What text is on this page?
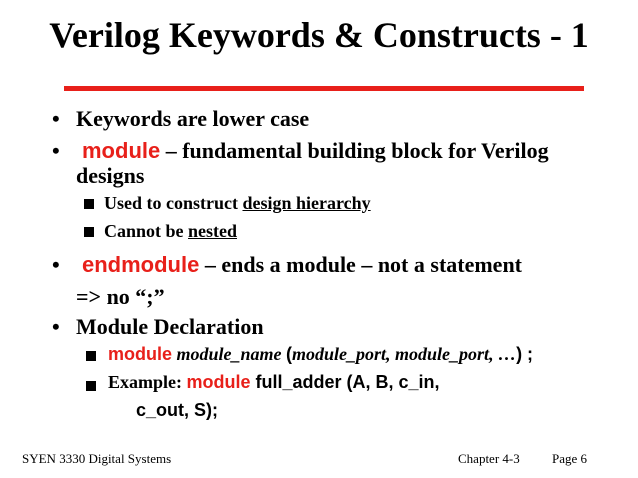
Verilog Keywords & Constructs - 1
• Keywords are lower case
• module – fundamental building block for Verilog
designs
Used to construct design hierarchy
Cannot be nested
• endmodule – ends a module – not a statement
=> no “;”
• Module Declaration
module module_name (module_port, module_port, …) ;
Example: module full_adder (A, B, c_in,
c_out, S);
SYEN 3330 Digital Systems	Chapter 4-3 Page 6
